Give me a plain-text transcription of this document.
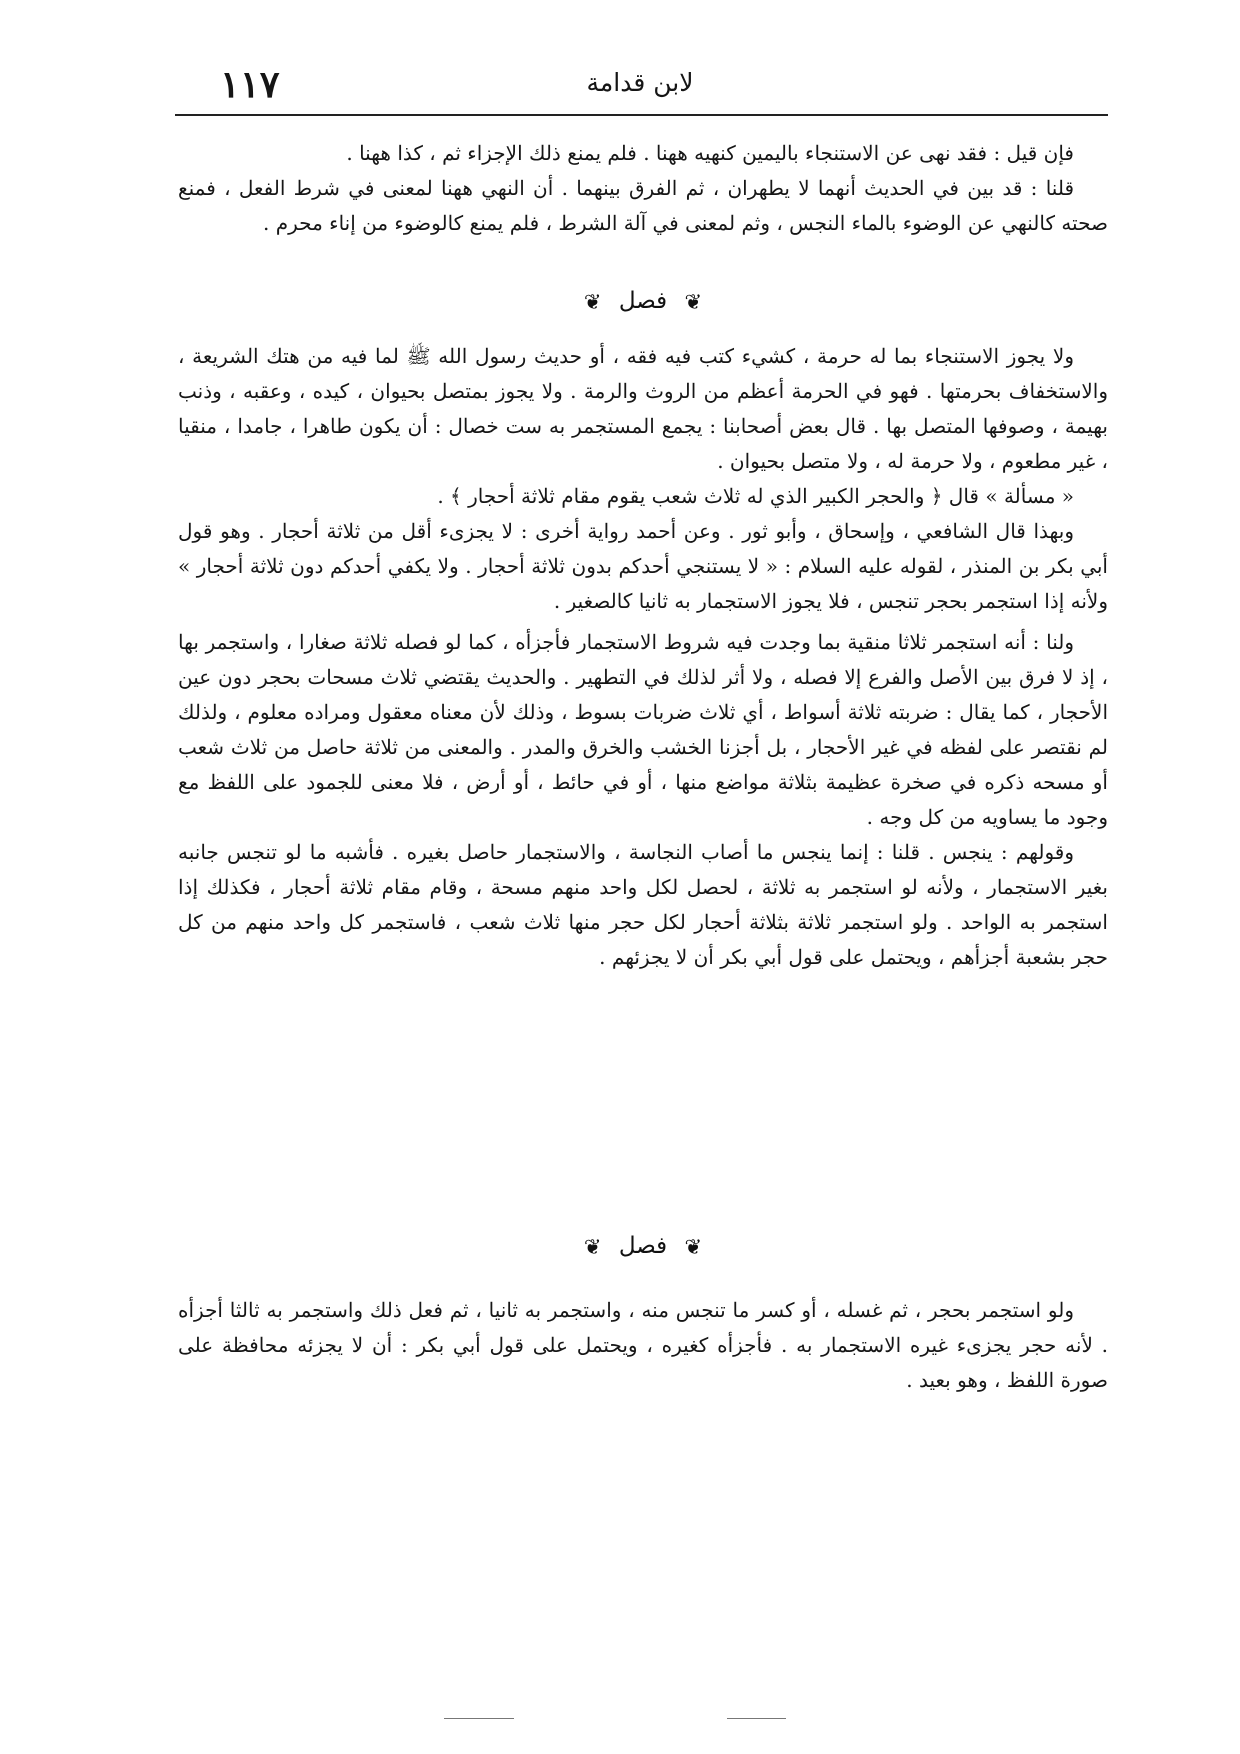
١١٧	لابن قدامة

فإن قيل : فقد نهى عن الاستنجاء باليمين كنهيه ههنا . فلم يمنع ذلك الإجزاء ثم ، كذا ههنا .

قلنا : قد بين في الحديث أنهما لا يطهران ، ثم الفرق بينهما . أن النهي ههنا لمعنى في شرط الفعل ، فمنع صحته كالنهي عن الوضوء بالماء النجس ، وثم لمعنى في آلة الشرط ، فلم يمنع كالوضوء من إناء محرم .

❦ فصل ❦

ولا يجوز الاستنجاء بما له حرمة ، كشيء كتب فيه فقه ، أو حديث رسول الله ﷺ لما فيه من هتك الشريعة ، والاستخفاف بحرمتها . فهو في الحرمة أعظم من الروث والرمة . ولا يجوز بمتصل بحيوان ، كيده ، وعقبه ، وذنب بهيمة ، وصوفها المتصل بها . قال بعض أصحابنا : يجمع المستجمر به ست خصال : أن يكون طاهرا ، جامدا ، منقيا ، غير مطعوم ، ولا حرمة له ، ولا متصل بحيوان .

« مسألة » قال ﴿ والحجر الكبير الذي له ثلاث شعب يقوم مقام ثلاثة أحجار ﴾ .

وبهذا قال الشافعي ، وإسحاق ، وأبو ثور . وعن أحمد رواية أخرى : لا يجزىء أقل من ثلاثة أحجار . وهو قول أبي بكر بن المنذر ، لقوله عليه السلام : « لا يستنجي أحدكم بدون ثلاثة أحجار . ولا يكفي أحدكم دون ثلاثة أحجار » ولأنه إذا استجمر بحجر تنجس ، فلا يجوز الاستجمار به ثانيا كالصغير .

ولنا : أنه استجمر ثلاثا منقية بما وجدت فيه شروط الاستجمار فأجزأه ، كما لو فصله ثلاثة صغارا ، واستجمر بها ، إذ لا فرق بين الأصل والفرع إلا فصله ، ولا أثر لذلك في التطهير . والحديث يقتضي ثلاث مسحات بحجر دون عين الأحجار ، كما يقال : ضربته ثلاثة أسواط ، أي ثلاث ضربات بسوط ، وذلك لأن معناه معقول ومراده معلوم ، ولذلك لم نقتصر على لفظه في غير الأحجار ، بل أجزنا الخشب والخرق والمدر . والمعنى من ثلاثة حاصل من ثلاث شعب أو مسحه ذكره في صخرة عظيمة بثلاثة مواضع منها ، أو في حائط ، أو أرض ، فلا معنى للجمود على اللفظ مع وجود ما يساويه من كل وجه .

وقولهم : ينجس . قلنا : إنما ينجس ما أصاب النجاسة ، والاستجمار حاصل بغيره . فأشبه ما لو تنجس جانبه بغير الاستجمار ، ولأنه لو استجمر به ثلاثة ، لحصل لكل واحد منهم مسحة ، وقام مقام ثلاثة أحجار ، فكذلك إذا استجمر به الواحد . ولو استجمر ثلاثة بثلاثة أحجار لكل حجر منها ثلاث شعب ، فاستجمر كل واحد منهم من كل حجر بشعبة أجزأهم ، ويحتمل على قول أبي بكر أن لا يجزئهم .

❦ فصل ❦

ولو استجمر بحجر ، ثم غسله ، أو كسر ما تنجس منه ، واستجمر به ثانيا ، ثم فعل ذلك واستجمر به ثالثا أجزأه . لأنه حجر يجزىء غيره الاستجمار به . فأجزأه كغيره ، ويحتمل على قول أبي بكر : أن لا يجزئه محافظة على صورة اللفظ ، وهو بعيد .
